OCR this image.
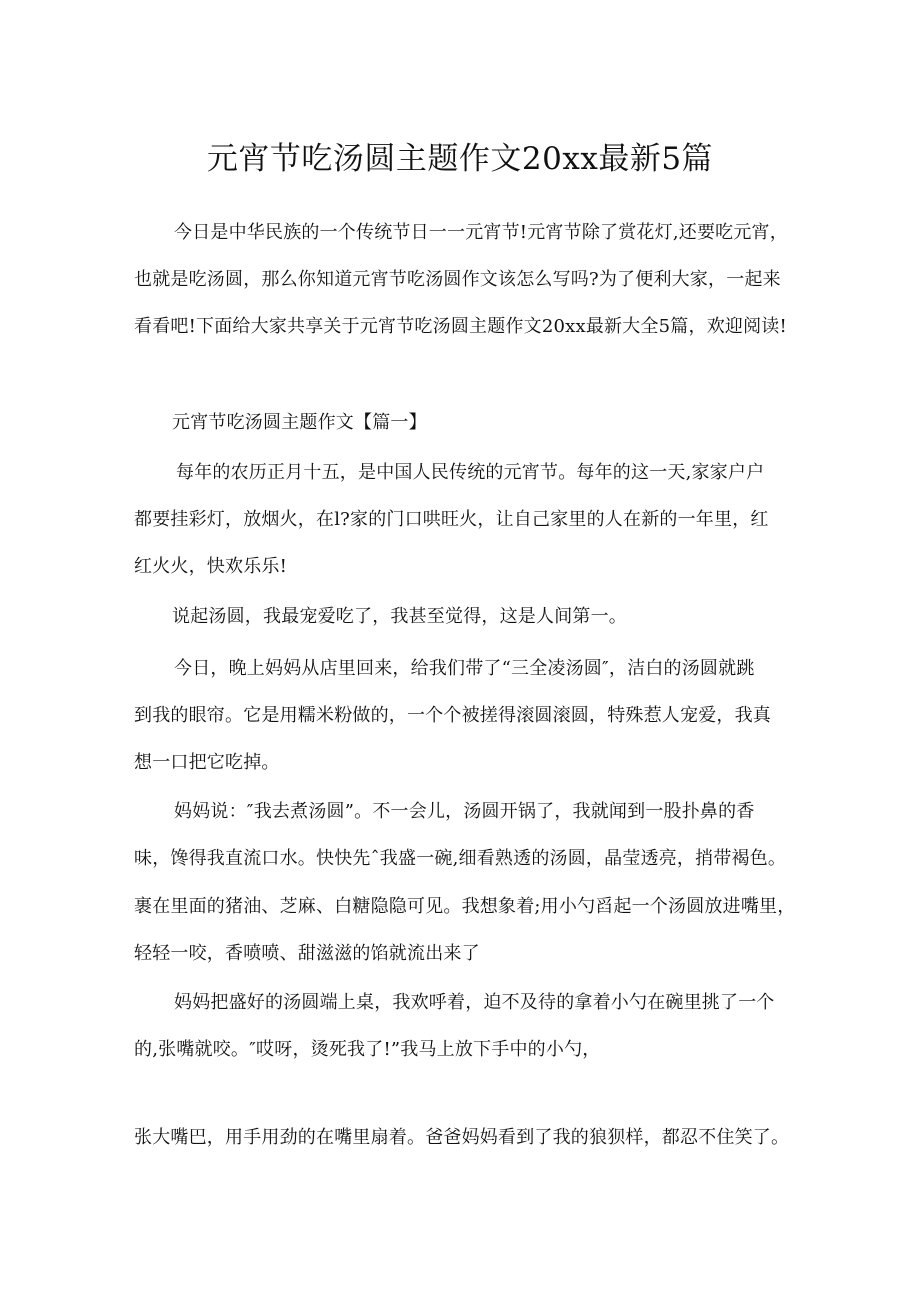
元宵节吃汤圆主题作文20xx最新5篇
今日是中华民族的一个传统节日一一元宵节!元宵节除了赏花灯,还要吃元宵，
也就是吃汤圆，那么你知道元宵节吃汤圆作文该怎么写吗?为了便利大家，一起来
看看吧!下面给大家共享关于元宵节吃汤圆主题作文20xx最新大全5篇，欢迎阅读!
元宵节吃汤圆主题作文【篇一】
每年的农历正月十五，是中国人民传统的元宵节。每年的这一天,家家户户
都要挂彩灯，放烟火，在l?家的门口哄旺火，让自己家里的人在新的一年里，红
红火火，快欢乐乐!
说起汤圆，我最宠爱吃了，我甚至觉得，这是人间第一。
今日，晚上妈妈从店里回来，给我们带了“三全凌汤圆″，洁白的汤圆就跳
到我的眼帘。它是用糯米粉做的，一个个被搓得滚圆滚圆，特殊惹人宠爱，我真
想一口把它吃掉。
妈妈说：″我去煮汤圆”。不一会儿，汤圆开锅了，我就闻到一股扑鼻的香
味，馋得我直流口水。快快先ˆ我盛一碗,细看熟透的汤圆，晶莹透亮，捎带褐色。
裹在里面的猪油、芝麻、白糖隐隐可见。我想象着;用小勺舀起一个汤圆放进嘴里，
轻轻一咬，香喷喷、甜滋滋的馅就流出来了
妈妈把盛好的汤圆端上桌，我欢呼着，迫不及待的拿着小勺在碗里挑了一个
的,张嘴就咬。″哎呀，烫死我了!”我马上放下手中的小勺，
张大嘴巴，用手用劲的在嘴里扇着。爸爸妈妈看到了我的狼狈样，都忍不住笑了。
